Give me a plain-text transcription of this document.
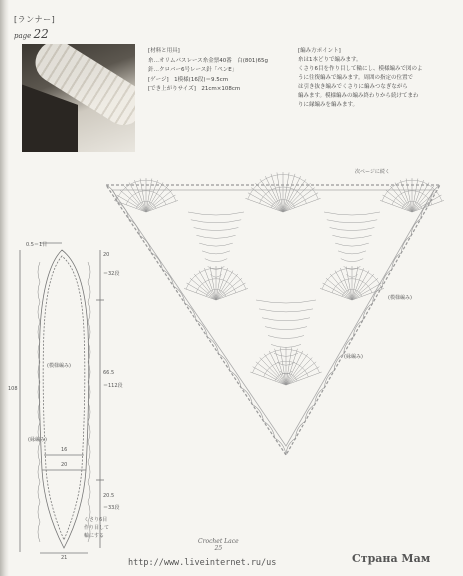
[ランナー]
page 22
[材料と用具]
糸…オリムパスレース糸金票40番　白(801)65g
針…クロバー6号レース針「ペンE」
[ゲージ]　1模様(16段)＝9.5cm
[でき上がりサイズ]　21cm×108cm
[編み方ポイント]
糸は1本どりで編みます。
くさり6目を作り目して輪にし、模様編みで図のよ
うに往復編みで編みます。周囲の指定の位置で
は引き抜き編みでくさりに編みつなぎながら
編みます。模様編みの編み終わりから続けてまわ
りに縁編みを編みます。
0.5＝1目
20
＝32段
(模様編み)
66.5
＝112段
108
(縁編み)
16
20
20.5
＝33段
くさり6目
作り目して
輪にする
21
次ページに続く
(模様編み)
(縁編み)
Crochet Lace
25
http://www.liveinternet.ru/us	Страна Мам
